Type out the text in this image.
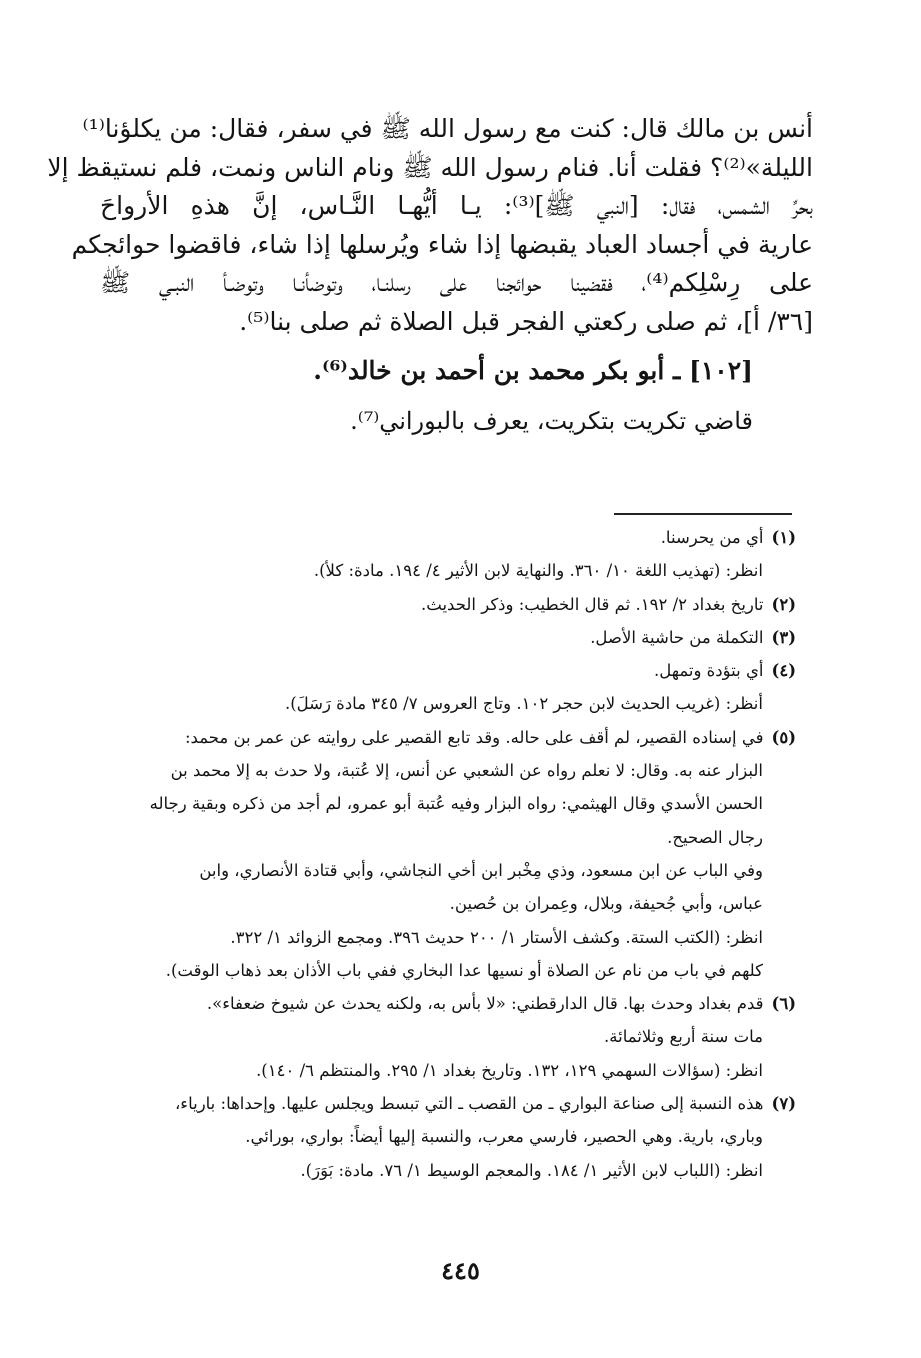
أنس بن مالك قال: كنت مع رسول الله ﷺ في سفر، فقال: من يكلؤنا⁽¹⁾
الليلة»⁽²⁾؟ فقلت أنا. فنام رسول الله ﷺ ونام الناس ونمت، فلم نستيقظ إلا
بحرِّ الشمس، فقال: [النبي ﷺ]⁽³⁾: يـا أيُّهـا النَّـاس، إنَّ هذهِ الأرواحَ
عارية في أجساد العباد يقبضها إذا شاء ويُرسلها إذا شاء، فاقضوا حوائجكم
على رِسْلِكم⁽⁴⁾، فقضينا حوائجنا على رسلنـا، وتوضأنـا وتوضـأ النبـي ﷺ
[٣٦/ أ]، ثم صلى ركعتي الفجر قبل الصلاة ثم صلى بنا⁽⁵⁾.
[١٠٢] ـ أبو بكر محمد بن أحمد بن خالد⁽⁶⁾.
قاضي تكريت بتكريت، يعرف بالبوراني⁽⁷⁾.
(١)أي من يحرسنا.
انظر: (تهذيب اللغة ١٠/ ٣٦٠. والنهاية لابن الأثير ٤/ ١٩٤. مادة: كلأ).
(٢)تاريخ بغداد ٢/ ١٩٢. ثم قال الخطيب: وذكر الحديث.
(٣)التكملة من حاشية الأصل.
(٤)أي بتؤدة وتمهل.
أنظر: (غريب الحديث لابن حجر ١٠٢. وتاج العروس ٧/ ٣٤٥ مادة رَسَلَ).
(٥)في إسناده القصير، لم أقف على حاله. وقد تابع القصير على روايته عن عمر بن محمد:
البزار عنه به. وقال: لا نعلم رواه عن الشعبي عن أنس، إلا عُتبة، ولا حدث به إلا محمد بن
الحسن الأسدي وقال الهيثمي: رواه البزار وفيه عُتبة أبو عمرو، لم أجد من ذكره وبقية رجاله
رجال الصحيح.
وفي الباب عن ابن مسعود، وذي مِخْبر ابن أخي النجاشي، وأبي قتادة الأنصاري، وابن
عباس، وأبي جُحيفة، وبلال، وعِمران بن حُصين.
انظر: (الكتب الستة. وكشف الأستار ١/ ٢٠٠ حديث ٣٩٦. ومجمع الزوائد ١/ ٣٢٢.
كلهم في باب من نام عن الصلاة أو نسيها عدا البخاري ففي باب الأذان بعد ذهاب الوقت).
(٦)قدم بغداد وحدث بها. قال الدارقطني: «لا بأس به، ولكنه يحدث عن شيوخ ضعفاء».
مات سنة أربع وثلاثمائة.
انظر: (سؤالات السهمي ١٢٩، ١٣٢. وتاريخ بغداد ١/ ٢٩٥. والمنتظم ٦/ ١٤٠).
(٧)هذه النسبة إلى صناعة البواري ـ من القصب ـ التي تبسط ويجلس عليها. وإحداها: بارياء،
وباري، بارية. وهي الحصير، فارسي معرب، والنسبة إليها أيضاً: بواري، بورائي.
انظر: (اللباب لابن الأثير ١/ ١٨٤. والمعجم الوسيط ١/ ٧٦. مادة: بَوَرَ).
٤٤٥
